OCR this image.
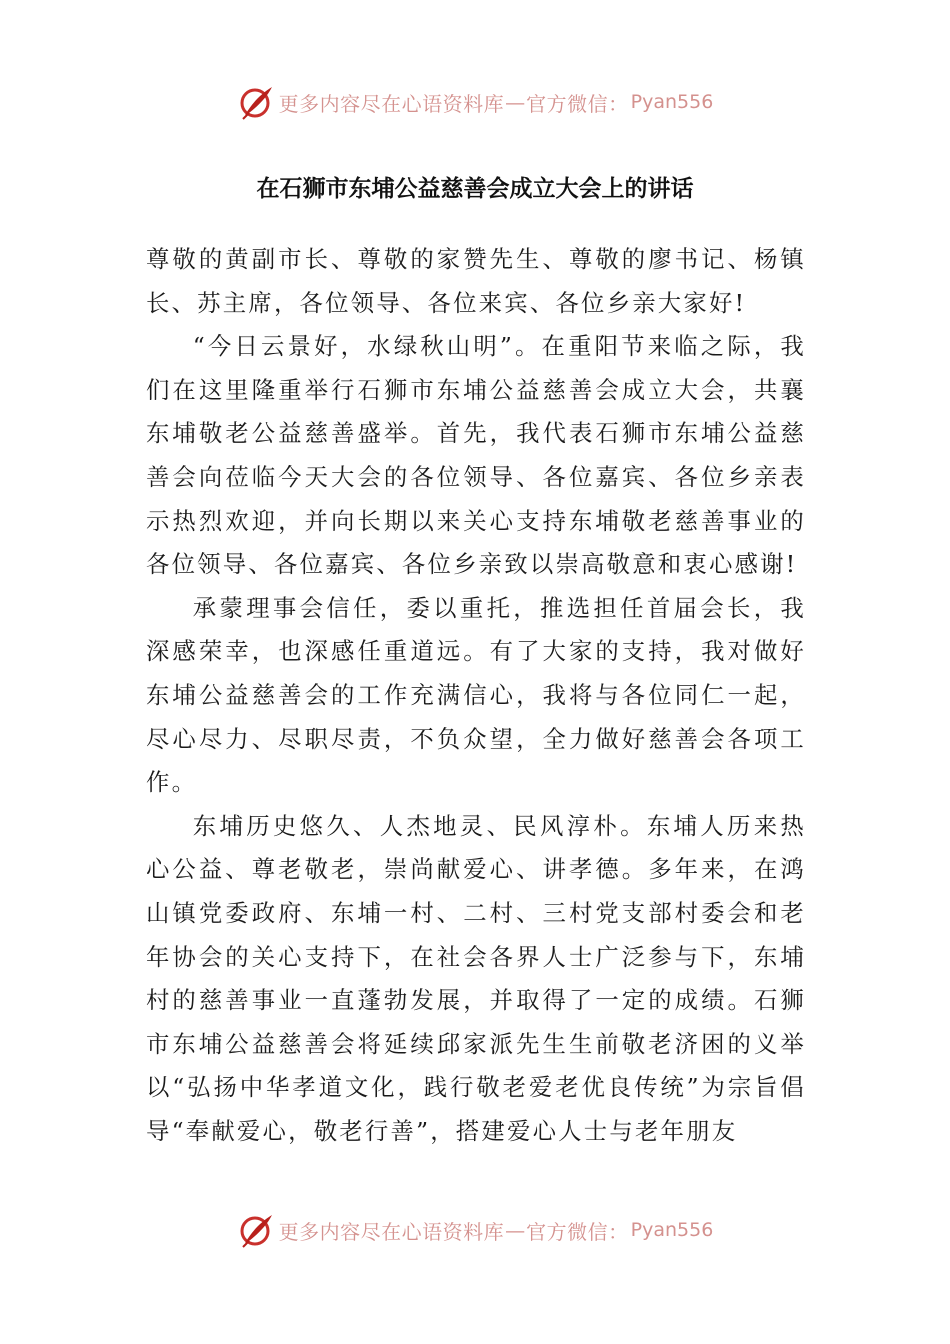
更多内容尽在心语资料库 — 官方微信： Pyan556
在石狮市东埔公益慈善会成立大会上的讲话

尊敬的黄副市长、尊敬的家赞先生、尊敬的廖书记、杨镇长、苏主席，各位领导、各位来宾、各位乡亲大家好!

“今日云景好，水绿秋山明”。在重阳节来临之际，我们在这里隆重举行石狮市东埔公益慈善会成立大会，共襄东埔敬老公益慈善盛举。首先，我代表石狮市东埔公益慈善会向莅临今天大会的各位领导、各位嘉宾、各位乡亲表示热烈欢迎，并向长期以来关心支持东埔敬老慈善事业的各位领导、各位嘉宾、各位乡亲致以崇高敬意和衷心感谢!

承蒙理事会信任，委以重托，推选担任首届会长，我深感荣幸，也深感任重道远。有了大家的支持，我对做好东埔公益慈善会的工作充满信心，我将与各位同仁一起，尽心尽力、尽职尽责，不负众望，全力做好慈善会各项工作。

东埔历史悠久、人杰地灵、民风淳朴。东埔人历来热心公益、尊老敬老，崇尚献爱心、讲孝德。多年来，在鸿山镇党委政府、东埔一村、二村、三村党支部村委会和老年协会的关心支持下，在社会各界人士广泛参与下，东埔村的慈善事业一直蓬勃发展，并取得了一定的成绩。石狮市东埔公益慈善会将延续邱家派先生生前敬老济困的义举以“弘扬中华孝道文化，践行敬老爱老优良传统”为宗旨倡导“奉献爱心，敬老行善”，搭建爱心人士与老年朋友

更多内容尽在心语资料库 — 官方微信： Pyan556
